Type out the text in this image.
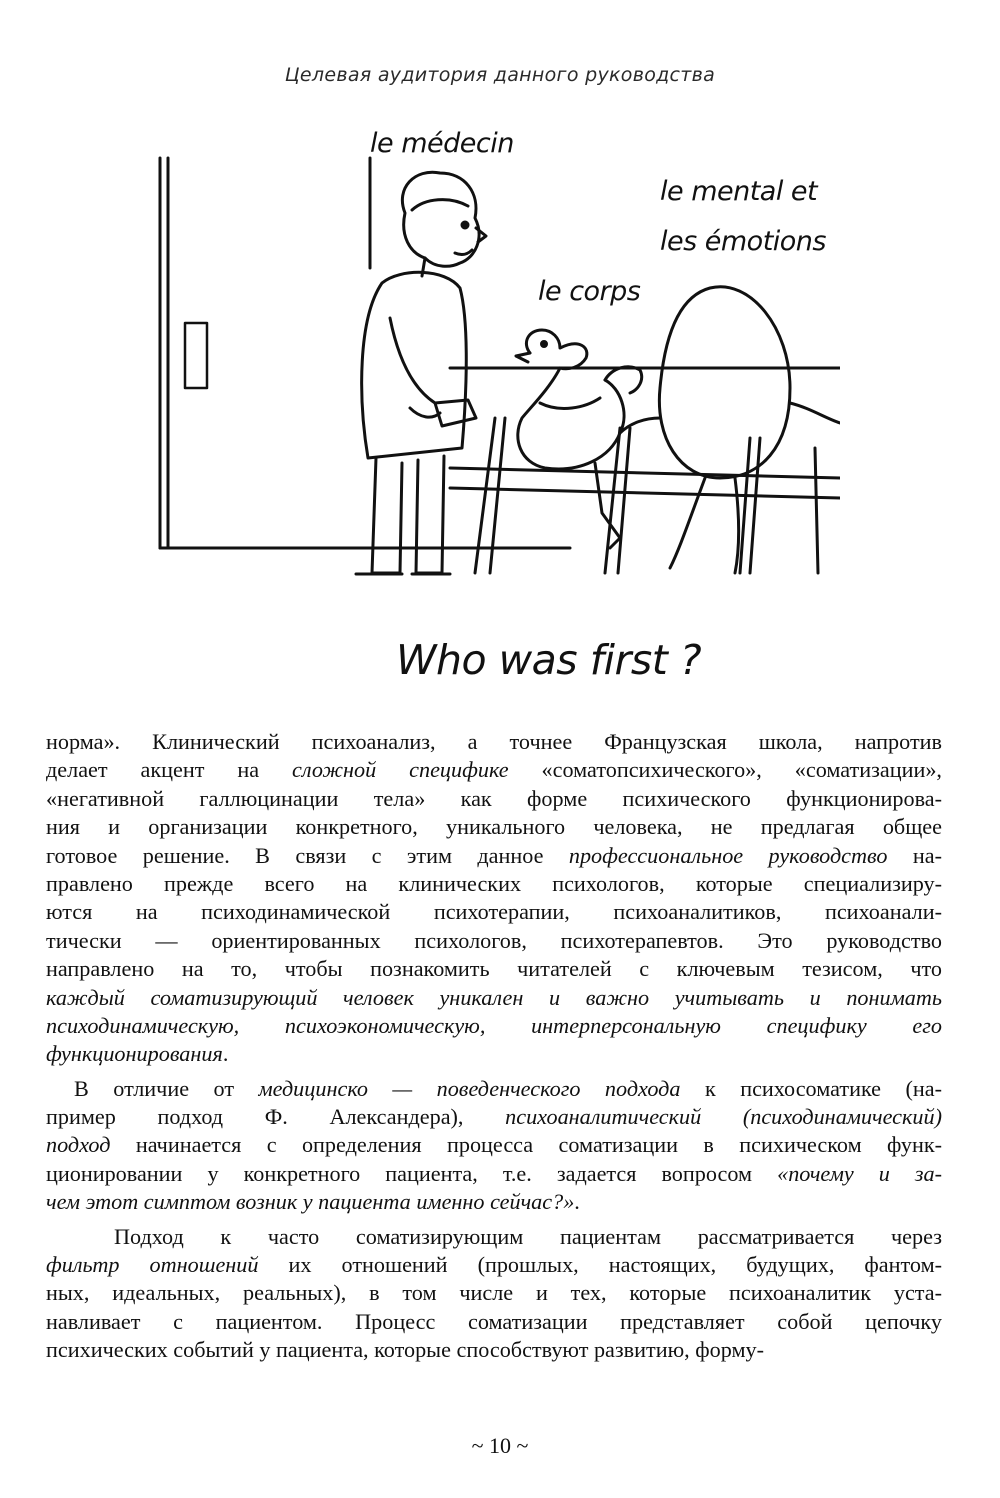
Целевая аудитория данного руководства
le médecin
le mental et
les émotions
le corps
Who was first ?
норма». Клинический психоанализ, а точнее Французская школа, напротив
делает акцент на сложной специфике «соматопсихического», «соматизации»,
«негативной галлюцинации тела» как форме психического функционирова-
ния и организации конкретного, уникального человека, не предлагая общее
готовое решение. В связи с этим данное профессиональное руководство на-
правлено прежде всего на клинических психологов, которые специализиру-
ются на психодинамической психотерапии, психоаналитиков, психоанали-
тически — ориентированных психологов, психотерапевтов. Это руководство
направлено на то, чтобы познакомить читателей с ключевым тезисом, что
каждый соматизирующий человек уникален и важно учитывать и понимать
психодинамическую, психоэкономическую, интерперсональную специфику его
функционирования.
В отличие от медицинско — поведенческого подхода к психосоматике (на-
пример подход Ф. Александера), психоаналитический (психодинамический)
подход начинается с определения процесса соматизации в психическом функ-
ционировании у конкретного пациента, т.е. задается вопросом «почему и за-
чем этот симптом возник у пациента именно сейчас?».
Подход к часто соматизирующим пациентам рассматривается через
фильтр отношений их отношений (прошлых, настоящих, будущих, фантом-
ных, идеальных, реальных), в том числе и тех, которые психоаналитик уста-
навливает с пациентом. Процесс соматизации представляет собой цепочку
психических событий у пациента, которые способствуют развитию, форму-
~ 10 ~
